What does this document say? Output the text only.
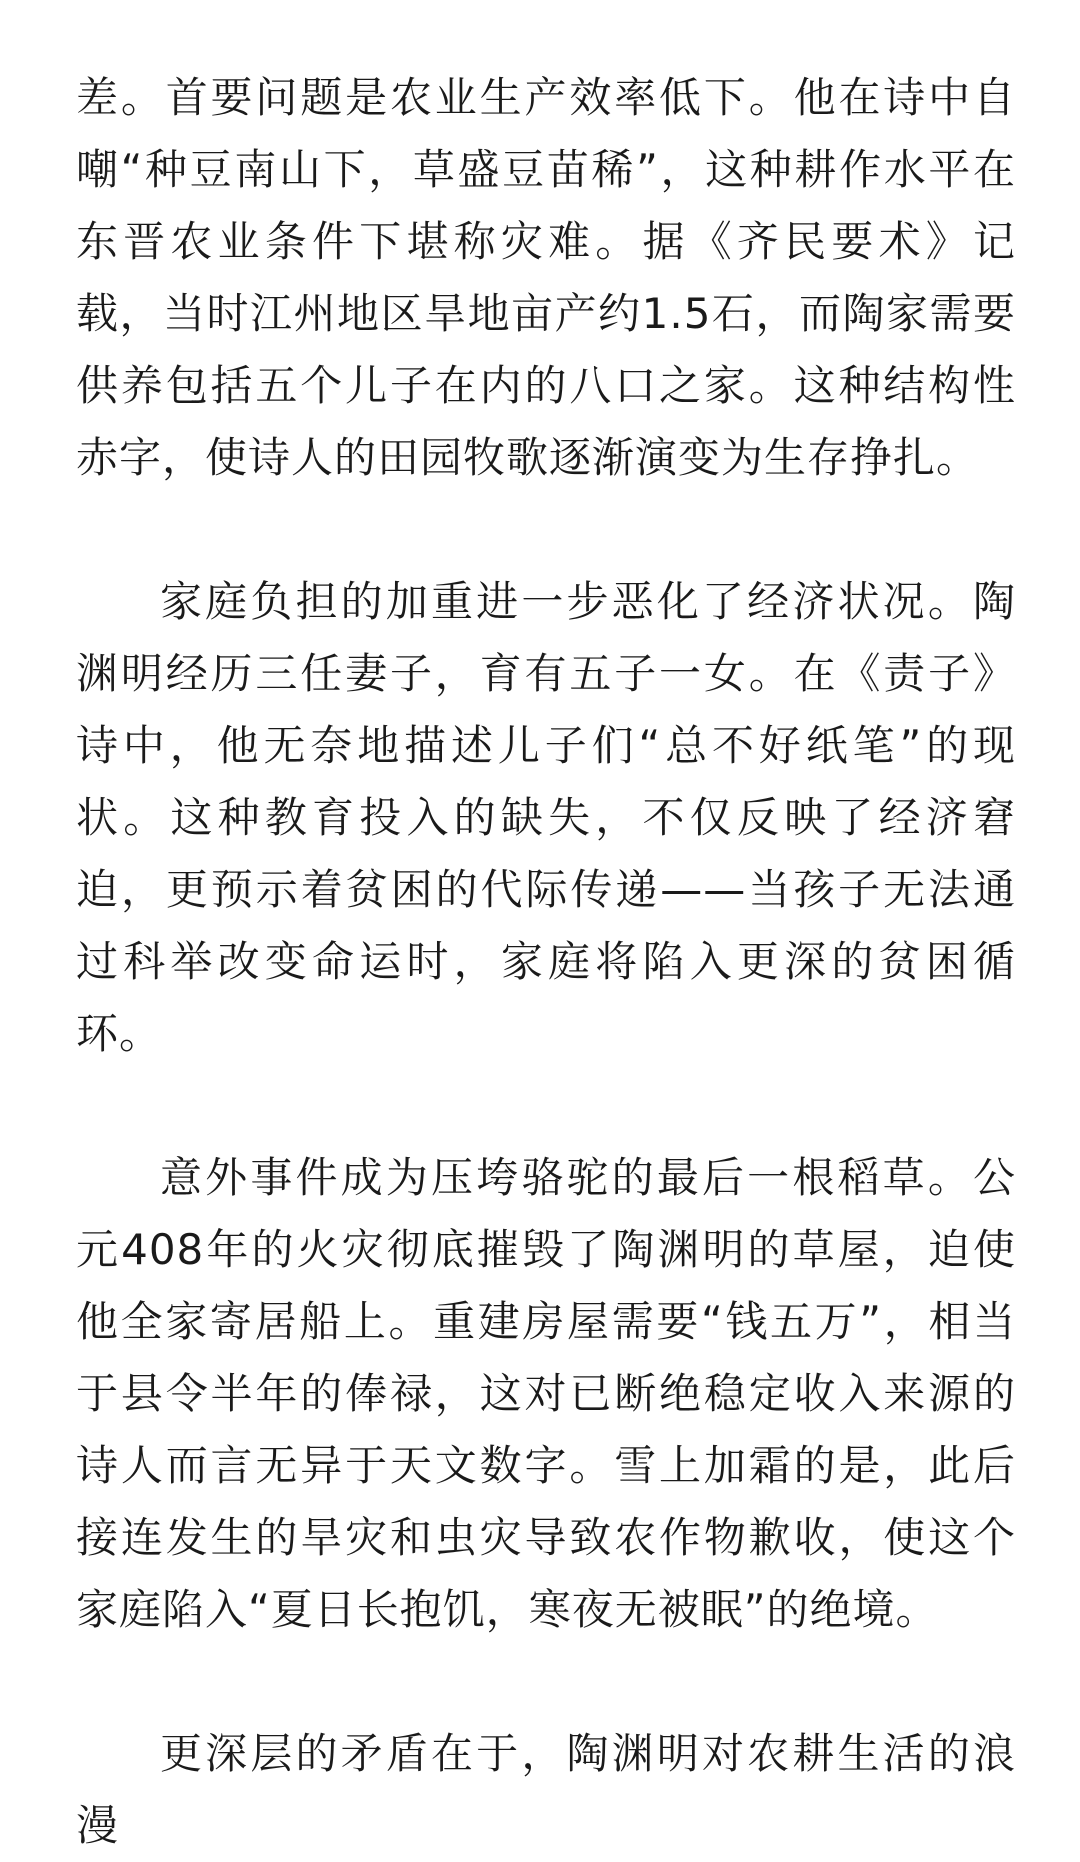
差。首要问题是农业生产效率低下。他在诗中自嘲“种豆南山下，草盛豆苗稀”，这种耕作水平在东晋农业条件下堪称灾难。据《齐民要术》记载，当时江州地区旱地亩产约1.5石，而陶家需要供养包括五个儿子在内的八口之家。这种结构性赤字，使诗人的田园牧歌逐渐演变为生存挣扎。

家庭负担的加重进一步恶化了经济状况。陶渊明经历三任妻子，育有五子一女。在《责子》诗中，他无奈地描述儿子们“总不好纸笔”的现状。这种教育投入的缺失，不仅反映了经济窘迫，更预示着贫困的代际传递——当孩子无法通过科举改变命运时，家庭将陷入更深的贫困循环。

意外事件成为压垮骆驼的最后一根稻草。公元408年的火灾彻底摧毁了陶渊明的草屋，迫使他全家寄居船上。重建房屋需要“钱五万”，相当于县令半年的俸禄，这对已断绝稳定收入来源的诗人而言无异于天文数字。雪上加霜的是，此后接连发生的旱灾和虫灾导致农作物歉收，使这个家庭陷入“夏日长抱饥，寒夜无被眠”的绝境。

更深层的矛盾在于，陶渊明对农耕生活的浪漫
